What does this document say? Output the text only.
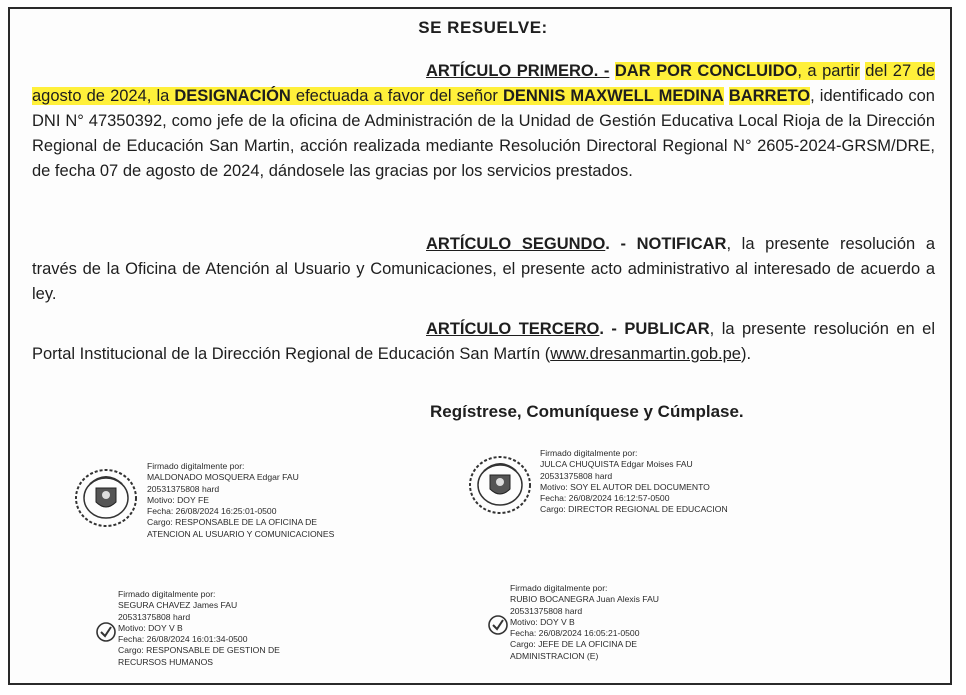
SE RESUELVE:
ARTÍCULO PRIMERO. - DAR POR CONCLUIDO, a partir del 27 de agosto de 2024, la DESIGNACIÓN efectuada a favor del señor DENNIS MAXWELL MEDINA BARRETO, identificado con DNI N° 47350392, como jefe de la oficina de Administración de la Unidad de Gestión Educativa Local Rioja de la Dirección Regional de Educación San Martin, acción realizada mediante Resolución Directoral Regional N° 2605-2024-GRSM/DRE, de fecha 07 de agosto de 2024, dándosele las gracias por los servicios prestados.
ARTÍCULO SEGUNDO. - NOTIFICAR, la presente resolución a través de la Oficina de Atención al Usuario y Comunicaciones, el presente acto administrativo al interesado de acuerdo a ley.
ARTÍCULO TERCERO. - PUBLICAR, la presente resolución en el Portal Institucional de la Dirección Regional de Educación San Martín (www.dresanmartin.gob.pe).
Regístrese, Comuníquese y Cúmplase.
Firmado digitalmente por:
MALDONADO MOSQUERA Edgar FAU
20531375808 hard
Motivo: DOY FE
Fecha: 26/08/2024 16:25:01-0500
Cargo: RESPONSABLE DE LA OFICINA DE
ATENCION AL USUARIO Y COMUNICACIONES
Firmado digitalmente por:
JULCA CHUQUISTA Edgar Moises FAU
20531375808 hard
Motivo: SOY EL AUTOR DEL DOCUMENTO
Fecha: 26/08/2024 16:12:57-0500
Cargo: DIRECTOR REGIONAL DE EDUCACION
Firmado digitalmente por:
SEGURA CHAVEZ James FAU
20531375808 hard
Motivo: DOY V B
Fecha: 26/08/2024 16:01:34-0500
Cargo: RESPONSABLE DE GESTION DE
RECURSOS HUMANOS
Firmado digitalmente por:
RUBIO BOCANEGRA Juan Alexis FAU
20531375808 hard
Motivo: DOY V B
Fecha: 26/08/2024 16:05:21-0500
Cargo: JEFE DE LA OFICINA DE
ADMINISTRACION (E)
